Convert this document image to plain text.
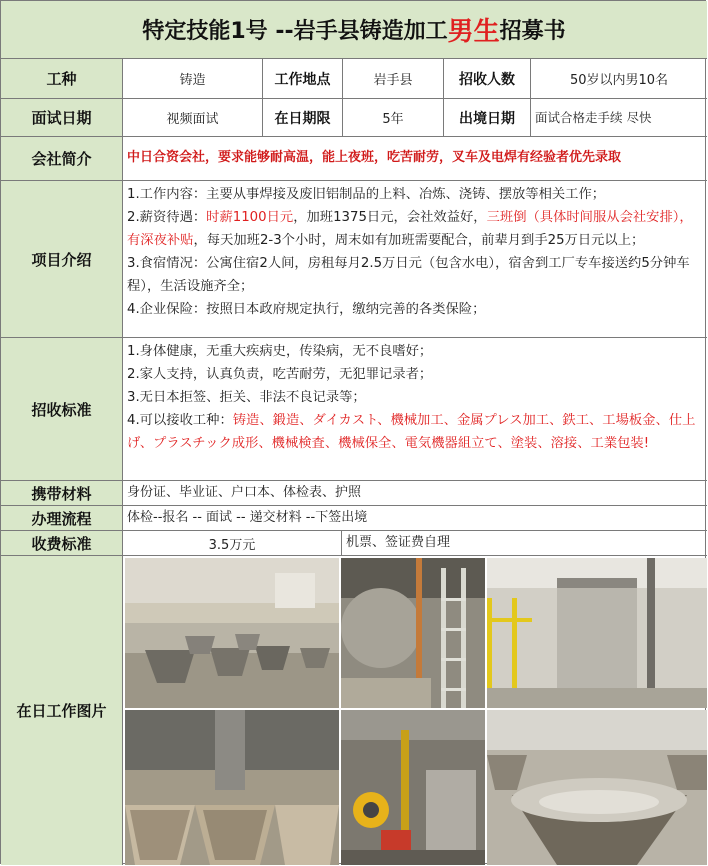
特定技能1号 --岩手县铸造加工 男生 招募书
工种	铸造	工作地点	岩手县	招收人数	50岁以内男10名
面试日期	视频面试	在日期限	5年	出境日期	面试合格走手续 尽快
会社简介	中日合资会社，要求能够耐高温，能上夜班，吃苦耐劳，叉车及电焊有经验者优先录取
项目介绍
1.工作内容：主要从事焊接及废旧铝制品的上料、冶炼、浇铸、摆放等相关工作；
2.薪资待遇：时薪1100日元，加班1375日元，会社效益好，三班倒（具体时间服从会社安排），有深夜补贴，每天加班2-3个小时，周末如有加班需要配合，前辈月到手25万日元以上；
3.食宿情况：公寓住宿2人间，房租每月2.5万日元（包含水电），宿舍到工厂专车接送约5分钟车程），生活设施齐全；
4.企业保险：按照日本政府规定执行，缴纳完善的各类保险；
招收标准
1.身体健康，无重大疾病史，传染病，无不良嗜好；
2.家人支持，认真负责，吃苦耐劳，无犯罪记录者；
3.无日本拒签、拒关、非法不良记录等；
4.可以接收工种：铸造、鍛造、ダイカスト、機械加工、金属プレス加工、鉄工、工場板金、仕上げ、プラスチック成形、機械検査、機械保全、電気機器組立て、塗装、溶接、工業包装!
携带材料	身份证、毕业证、户口本、体检表、护照
办理流程	体检--报名 -- 面试 -- 递交材料 --下签出境
收费标准	3.5万元	机票、签证费自理
在日工作图片
